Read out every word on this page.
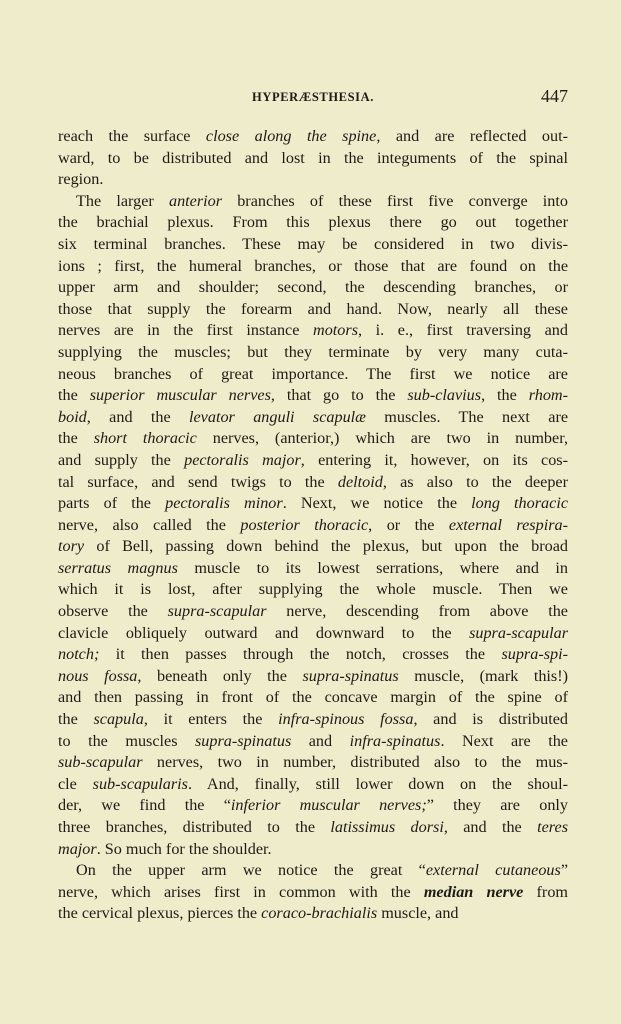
HYPERÆSTHESIA.	447
reach the surface close along the spine, and are reflected out-
ward, to be distributed and lost in the integuments of the spinal
region.
The larger anterior branches of these first five converge into
the brachial plexus. From this plexus there go out together
six terminal branches. These may be considered in two divis-
ions ; first, the humeral branches, or those that are found on the
upper arm and shoulder; second, the descending branches, or
those that supply the forearm and hand. Now, nearly all these
nerves are in the first instance motors, i. e., first traversing and
supplying the muscles; but they terminate by very many cuta-
neous branches of great importance. The first we notice are
the superior muscular nerves, that go to the sub-clavius, the rhom-
boid, and the levator anguli scapulæ muscles. The next are
the short thoracic nerves, (anterior,) which are two in number,
and supply the pectoralis major, entering it, however, on its cos-
tal surface, and send twigs to the deltoid, as also to the deeper
parts of the pectoralis minor. Next, we notice the long thoracic
nerve, also called the posterior thoracic, or the external respira-
tory of Bell, passing down behind the plexus, but upon the broad
serratus magnus muscle to its lowest serrations, where and in
which it is lost, after supplying the whole muscle. Then we
observe the supra-scapular nerve, descending from above the
clavicle obliquely outward and downward to the supra-scapular
notch; it then passes through the notch, crosses the supra-spi-
nous fossa, beneath only the supra-spinatus muscle, (mark this!)
and then passing in front of the concave margin of the spine of
the scapula, it enters the infra-spinous fossa, and is distributed
to the muscles supra-spinatus and infra-spinatus. Next are the
sub-scapular nerves, two in number, distributed also to the mus-
cle sub-scapularis. And, finally, still lower down on the shoul-
der, we find the “inferior muscular nerves;” they are only
three branches, distributed to the latissimus dorsi, and the teres
major. So much for the shoulder.
On the upper arm we notice the great “external cutaneous”
nerve, which arises first in common with the median nerve from
the cervical plexus, pierces the coraco-brachialis muscle, and
